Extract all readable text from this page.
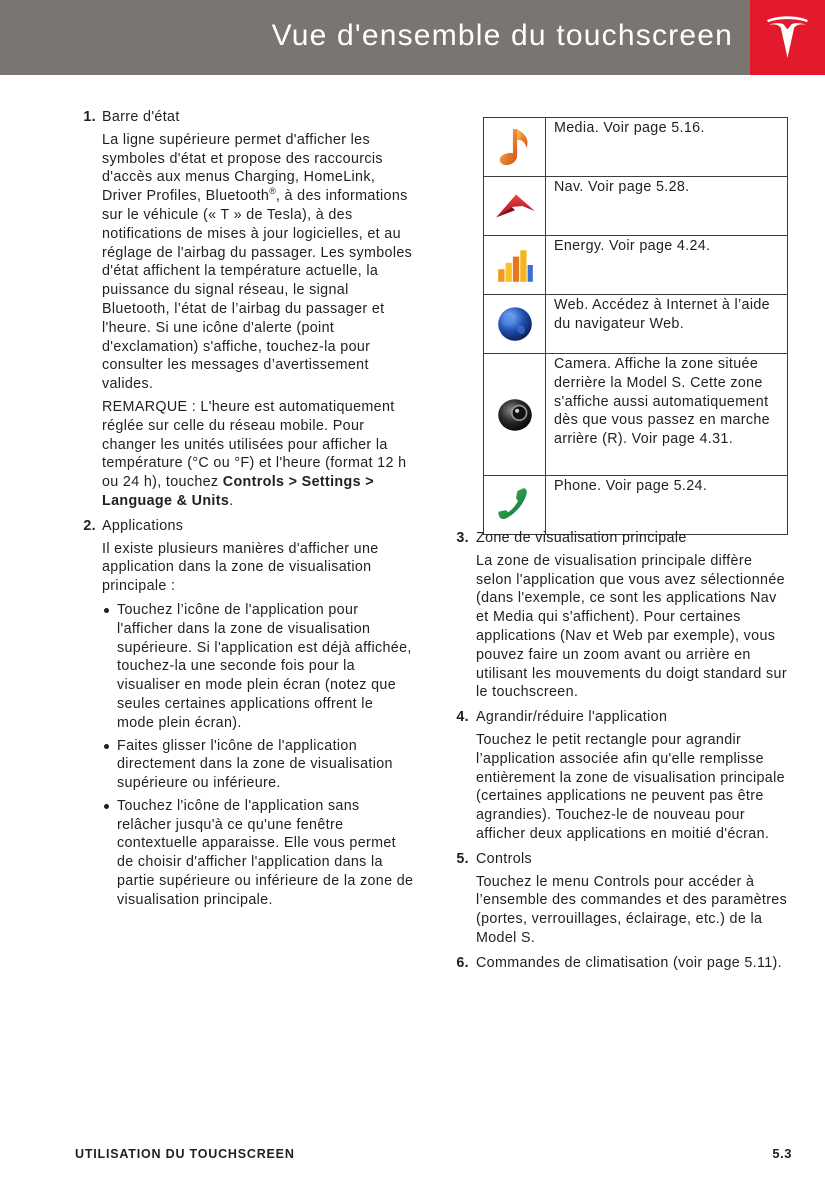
Vue d'ensemble du touchscreen
1. Barre d'état

La ligne supérieure permet d'afficher les symboles d'état et propose des raccourcis d'accès aux menus Charging, HomeLink, Driver Profiles, Bluetooth®, à des informations sur le véhicule (« T » de Tesla), à des notifications de mises à jour logicielles, et au réglage de l'airbag du passager. Les symboles d'état affichent la température actuelle, la puissance du signal réseau, le signal Bluetooth, l’état de l’airbag du passager et l'heure. Si une icône d'alerte (point d'exclamation) s'affiche, touchez-la pour consulter les messages d’avertissement valides.

REMARQUE : L'heure est automatiquement réglée sur celle du réseau mobile. Pour changer les unités utilisées pour afficher la température (°C ou °F) et l'heure (format 12 h ou 24 h), touchez Controls > Settings > Language & Units.

2. Applications

Il existe plusieurs manières d'afficher une application dans la zone de visualisation principale :

Touchez l’icône de l'application pour l'afficher dans la zone de visualisation supérieure. Si l'application est déjà affichée, touchez-la une seconde fois pour la visualiser en mode plein écran (notez que seules certaines applications offrent le mode plein écran).
Faites glisser l'icône de l'application directement dans la zone de visualisation supérieure ou inférieure.
Touchez l'icône de l'application sans relâcher jusqu'à ce qu'une fenêtre contextuelle apparaisse. Elle vous permet de choisir d'afficher l'application dans la partie supérieure ou inférieure de la zone de visualisation principale.
	Media. Voir page 5.16.
	Nav. Voir page 5.28.
	Energy. Voir page 4.24.
	Web. Accédez à Internet à l’aide du navigateur Web.
	Camera. Affiche la zone située derrière la Model S. Cette zone s'affiche aussi automatiquement dès que vous passez en marche arrière (R). Voir page 4.31.
	Phone. Voir page 5.24.
3. Zone de visualisation principale

La zone de visualisation principale diffère selon l'application que vous avez sélectionnée (dans l'exemple, ce sont les applications Nav et Media qui s'affichent). Pour certaines applications (Nav et Web par exemple), vous pouvez faire un zoom avant ou arrière en utilisant les mouvements du doigt standard sur le touchscreen.

4. Agrandir/réduire l'application

Touchez le petit rectangle pour agrandir l’application associée afin qu'elle remplisse entièrement la zone de visualisation principale (certaines applications ne peuvent pas être agrandies). Touchez-le de nouveau pour afficher deux applications en moitié d'écran.

5. Controls

Touchez le menu Controls pour accéder à l’ensemble des commandes et des paramètres (portes, verrouillages, éclairage, etc.) de la Model S.

6. Commandes de climatisation (voir page 5.11).
UTILISATION DU TOUCHSCREEN	5.3
